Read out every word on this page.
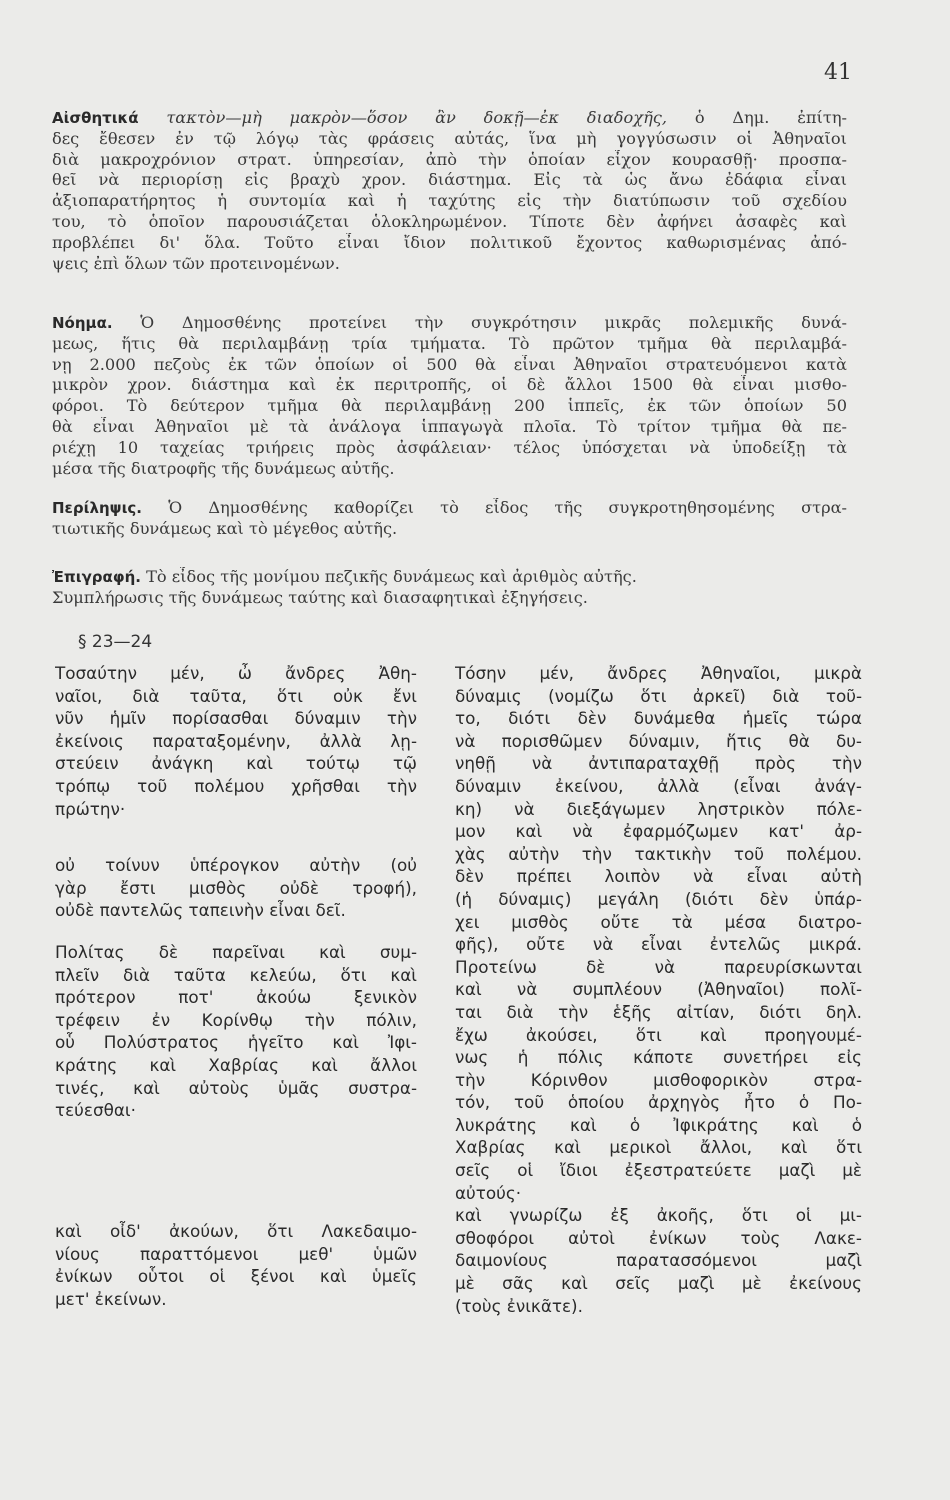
41
Αἰσθητικά τακτὸν—μὴ μακρὸν—ὅσον ἂν δοκῇ—ἐκ διαδοχῆς, ὁ Δημ. ἐπίτη-
δες ἔθεσεν ἐν τῷ λόγῳ τὰς φράσεις αὐτάς, ἵνα μὴ γογγύσωσιν οἱ Ἀθηναῖοι
διὰ μακροχρόνιον στρατ. ὑπηρεσίαν, ἀπὸ τὴν ὁποίαν εἶχον κουρασθῇ· προσπα-
θεῖ νὰ περιορίσῃ εἰς βραχὺ χρον. διάστημα. Εἰς τὰ ὡς ἄνω ἐδάφια εἶναι
ἀξιοπαρατήρητος ἡ συντομία καὶ ἡ ταχύτης εἰς τὴν διατύπωσιν τοῦ σχεδίου
του, τὸ ὁποῖον παρουσιάζεται ὁλοκληρωμένον. Τίποτε δὲν ἀφήνει ἀσαφὲς καὶ
προβλέπει δι' ὅλα. Τοῦτο εἶναι ἴδιον πολιτικοῦ ἔχοντος καθωρισμένας ἀπό-
ψεις ἐπὶ ὅλων τῶν προτεινομένων.
Νόημα. Ὁ Δημοσθένης προτείνει τὴν συγκρότησιν μικρᾶς πολεμικῆς δυνά-
μεως, ἥτις θὰ περιλαμβάνῃ τρία τμήματα. Τὸ πρῶτον τμῆμα θὰ περιλαμβά-
νῃ 2.000 πεζοὺς ἐκ τῶν ὁποίων οἱ 500 θὰ εἶναι Ἀθηναῖοι στρατευόμενοι κατὰ
μικρὸν χρον. διάστημα καὶ ἐκ περιτροπῆς, οἱ δὲ ἄλλοι 1500 θὰ εἶναι μισθο-
φόροι. Τὸ δεύτερον τμῆμα θὰ περιλαμβάνῃ 200 ἱππεῖς, ἐκ τῶν ὁποίων 50
θὰ εἶναι Ἀθηναῖοι μὲ τὰ ἀνάλογα ἱππαγωγὰ πλοῖα. Τὸ τρίτον τμῆμα θὰ πε-
ριέχῃ 10 ταχείας τριήρεις πρὸς ἀσφάλειαν· τέλος ὑπόσχεται νὰ ὑποδείξῃ τὰ
μέσα τῆς διατροφῆς τῆς δυνάμεως αὐτῆς.
Περίληψις. Ὁ Δημοσθένης καθορίζει τὸ εἶδος τῆς συγκροτηθησομένης στρα-
τιωτικῆς δυνάμεως καὶ τὸ μέγεθος αὐτῆς.
Ἐπιγραφή. Τὸ εἶδος τῆς μονίμου πεζικῆς δυνάμεως καὶ ἀριθμὸς αὐτῆς.
Συμπλήρωσις τῆς δυνάμεως ταύτης καὶ διασαφητικαὶ ἐξηγήσεις.
§ 23—24
Τοσαύτην μέν, ὦ ἄνδρες Ἀθη-
ναῖοι, διὰ ταῦτα, ὅτι οὐκ ἔνι
νῦν ἡμῖν πορίσασθαι δύναμιν τὴν
ἐκείνοις παραταξομένην, ἀλλὰ λῃ-
στεύειν ἀνάγκη καὶ τούτῳ τῷ
τρόπῳ τοῦ πολέμου χρῆσθαι τὴν
πρώτην·
οὐ τοίνυν ὑπέρογκον αὐτὴν (οὐ
γὰρ ἔστι μισθὸς οὐδὲ τροφή),
οὐδὲ παντελῶς ταπεινὴν εἶναι δεῖ.
Πολίτας δὲ παρεῖναι καὶ συμ-
πλεῖν διὰ ταῦτα κελεύω, ὅτι καὶ
πρότερον ποτ' ἀκούω ξενικὸν
τρέφειν ἐν Κορίνθῳ τὴν πόλιν,
οὗ Πολύστρατος ἡγεῖτο καὶ Ἰφι-
κράτης καὶ Χαβρίας καὶ ἄλλοι
τινές, καὶ αὐτοὺς ὑμᾶς συστρα-
τεύεσθαι·
Τόσην μέν, ἄνδρες Ἀθηναῖοι, μικρὰ
δύναμις (νομίζω ὅτι ἀρκεῖ) διὰ τοῦ-
το, διότι δὲν δυνάμεθα ἡμεῖς τώρα
νὰ πορισθῶμεν δύναμιν, ἥτις θὰ δυ-
νηθῇ νὰ ἀντιπαραταχθῇ πρὸς τὴν
δύναμιν ἐκείνου, ἀλλὰ (εἶναι ἀνάγ-
κη) νὰ διεξάγωμεν ληστρικὸν πόλε-
μον καὶ νὰ ἐφαρμόζωμεν κατ' ἀρ-
χὰς αὐτὴν τὴν τακτικὴν τοῦ πολέμου.
δὲν πρέπει λοιπὸν νὰ εἶναι αὐτὴ
(ἡ δύναμις) μεγάλη (διότι δὲν ὑπάρ-
χει μισθὸς οὔτε τὰ μέσα διατρο-
φῆς), οὔτε νὰ εἶναι ἐντελῶς μικρά.
Προτείνω δὲ νὰ παρευρίσκωνται
καὶ νὰ συμπλέουν (Ἀθηναῖοι) πολῖ-
ται διὰ τὴν ἑξῆς αἰτίαν, διότι δηλ.
ἔχω ἀκούσει, ὅτι καὶ προηγουμέ-
νως ἡ πόλις κάποτε συνετήρει εἰς
τὴν Κόρινθον μισθοφορικὸν στρα-
τόν, τοῦ ὁποίου ἀρχηγὸς ἦτο ὁ Πο-
λυκράτης καὶ ὁ Ἰφικράτης καὶ ὁ
Χαβρίας καὶ μερικοὶ ἄλλοι, καὶ ὅτι
σεῖς οἱ ἴδιοι ἐξεστρατεύετε μαζὶ μὲ
αὐτούς·
καὶ γνωρίζω ἐξ ἀκοῆς, ὅτι οἱ μι-
σθοφόροι αὐτοὶ ἐνίκων τοὺς Λακε-
δαιμονίους παρατασσόμενοι μαζὶ
μὲ σᾶς καὶ σεῖς μαζὶ μὲ ἐκείνους
(τοὺς ἐνικᾶτε).
καὶ οἶδ' ἀκούων, ὅτι Λακεδαιμο-
νίους παραττόμενοι μεθ' ὑμῶν
ἐνίκων οὗτοι οἱ ξένοι καὶ ὑμεῖς
μετ' ἐκείνων.
